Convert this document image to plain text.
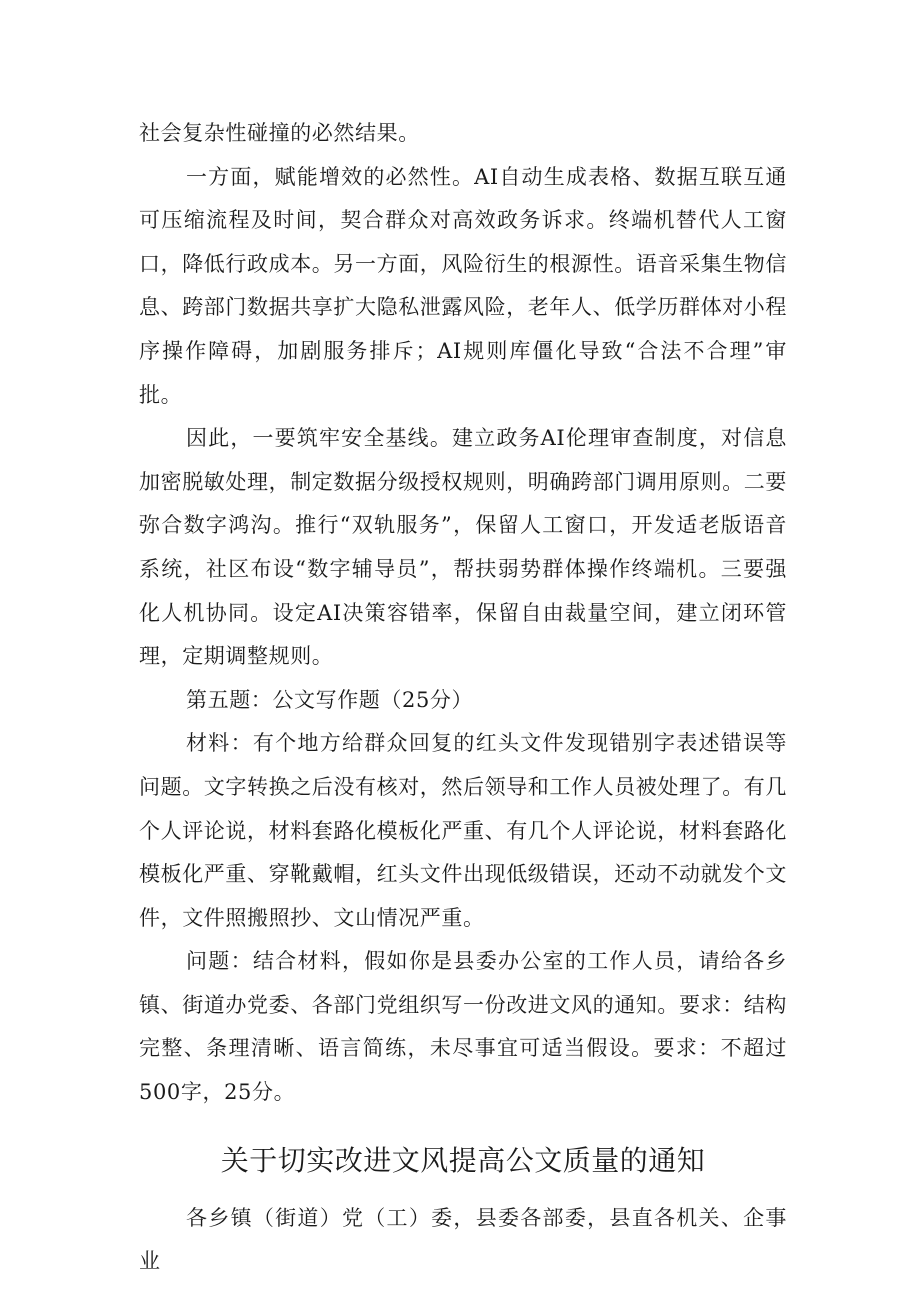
社会复杂性碰撞的必然结果。

一方面，赋能增效的必然性。AI自动生成表格、数据互联互通可压缩流程及时间，契合群众对高效政务诉求。终端机替代人工窗口，降低行政成本。另一方面，风险衍生的根源性。语音采集生物信息、跨部门数据共享扩大隐私泄露风险，老年人、低学历群体对小程序操作障碍，加剧服务排斥；AI规则库僵化导致“合法不合理”审批。

因此，一要筑牢安全基线。建立政务AI伦理审查制度，对信息加密脱敏处理，制定数据分级授权规则，明确跨部门调用原则。二要弥合数字鸿沟。推行“双轨服务”，保留人工窗口，开发适老版语音系统，社区布设“数字辅导员”，帮扶弱势群体操作终端机。三要强化人机协同。设定AI决策容错率，保留自由裁量空间，建立闭环管理，定期调整规则。

第五题：公文写作题（25分）

材料：有个地方给群众回复的红头文件发现错别字表述错误等问题。文字转换之后没有核对，然后领导和工作人员被处理了。有几个人评论说，材料套路化模板化严重、有几个人评论说，材料套路化模板化严重、穿靴戴帽，红头文件出现低级错误，还动不动就发个文件，文件照搬照抄、文山情况严重。

问题：结合材料，假如你是县委办公室的工作人员，请给各乡镇、街道办党委、各部门党组织写一份改进文风的通知。要求：结构完整、条理清晰、语言简练，未尽事宜可适当假设。要求：不超过500字，25分。

关于切实改进文风提高公文质量的通知

各乡镇（街道）党（工）委，县委各部委，县直各机关、企事业
